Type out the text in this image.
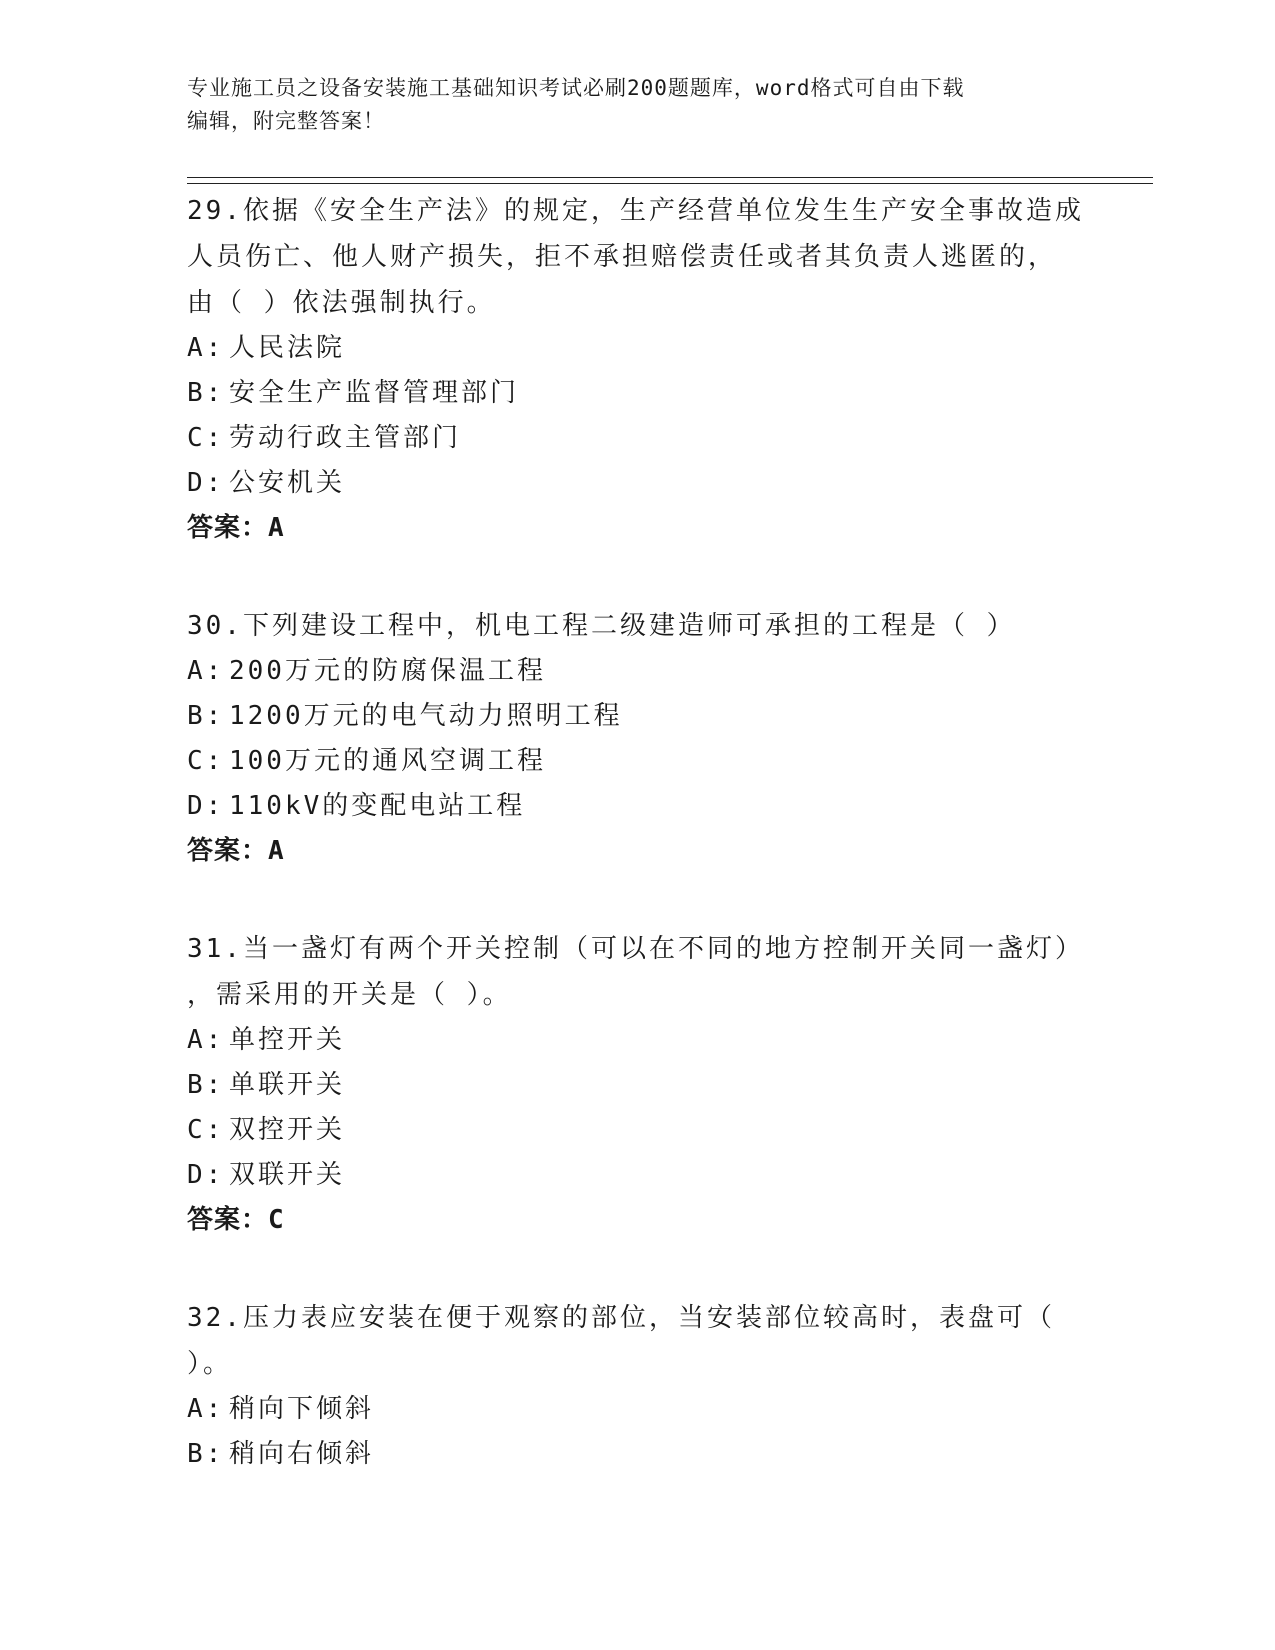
专业施工员之设备安装施工基础知识考试必刷200题题库，word格式可自由下载
编辑，附完整答案！
29.依据《安全生产法》的规定，生产经营单位发生生产安全事故造成
人员伤亡、他人财产损失，拒不承担赔偿责任或者其负责人逃匿的，
由（ ）依法强制执行。
A: 人民法院
B: 安全生产监督管理部门
C: 劳动行政主管部门
D: 公安机关
答案：A
30.下列建设工程中，机电工程二级建造师可承担的工程是（ ）
A: 200万元的防腐保温工程
B: 1200万元的电气动力照明工程
C: 100万元的通风空调工程
D: 110kV的变配电站工程
答案：A
31.当一盏灯有两个开关控制（可以在不同的地方控制开关同一盏灯）
，需采用的开关是（ ）。
A: 单控开关
B: 单联开关
C: 双控开关
D: 双联开关
答案：C
32.压力表应安装在便于观察的部位，当安装部位较高时，表盘可（
）。
A: 稍向下倾斜
B: 稍向右倾斜
